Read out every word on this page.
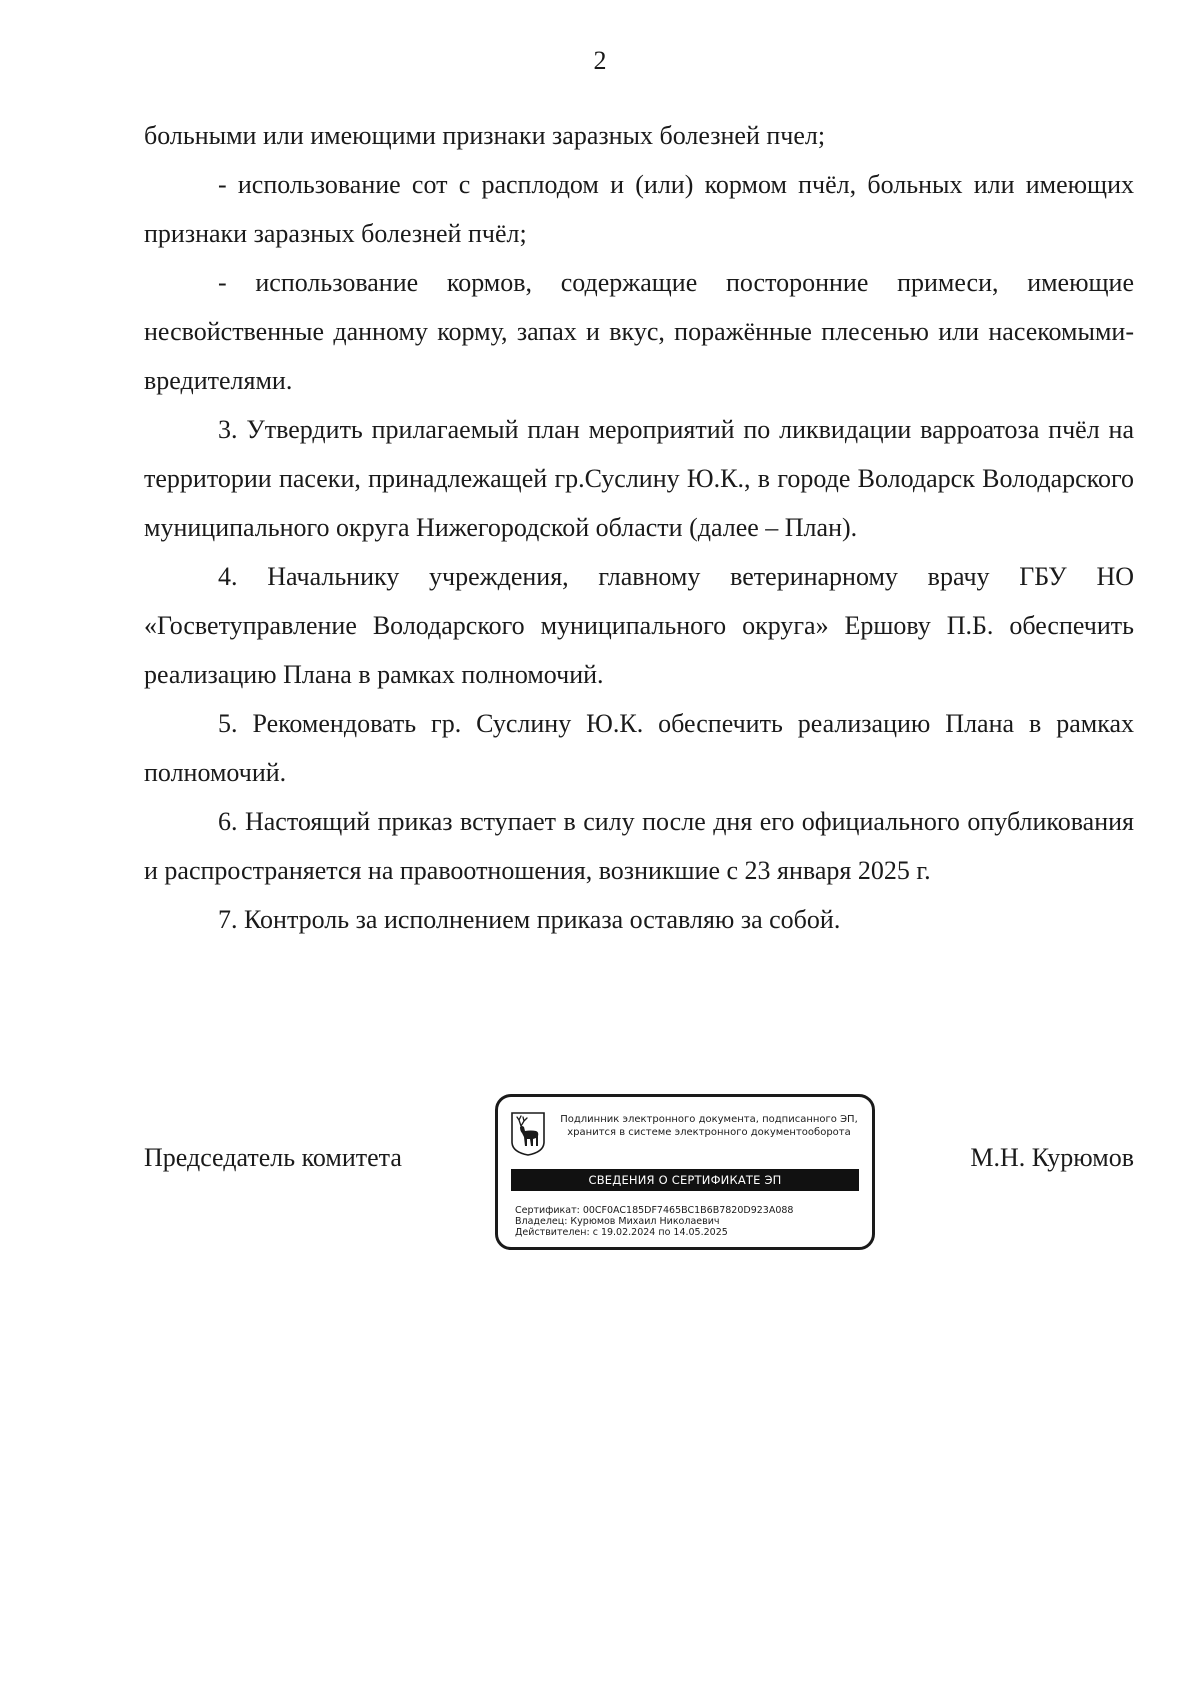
2

больными или имеющими признаки заразных болезней пчел;

- использование сот с расплодом и (или) кормом пчёл, больных или имеющих признаки заразных болезней пчёл;

- использование кормов, содержащие посторонние примеси, имеющие несвойственные данному корму, запах и вкус, поражённые плесенью или насекомыми-вредителями.

3. Утвердить прилагаемый план мероприятий по ликвидации варроатоза пчёл на территории пасеки, принадлежащей гр.Суслину Ю.К., в городе Володарск Володарского муниципального округа Нижегородской области (далее – План).

4. Начальнику учреждения, главному ветеринарному врачу ГБУ НО «Госветуправление Володарского муниципального округа» Ершову П.Б. обеспечить реализацию Плана в рамках полномочий.

5. Рекомендовать гр. Суслину Ю.К. обеспечить реализацию Плана в рамках полномочий.

6. Настоящий приказ вступает в силу после дня его официального опубликования и распространяется на правоотношения, возникшие с 23 января 2025 г.

7. Контроль за исполнением приказа оставляю за собой.

Председатель комитета	М.Н. Курюмов
Подлинник электронного документа, подписанного ЭП,
хранится в системе электронного документооборота
СВЕДЕНИЯ О СЕРТИФИКАТЕ ЭП
Сертификат: 00CF0AC185DF7465BC1B6B7820D923A088
Владелец: Курюмов Михаил Николаевич
Действителен: с 19.02.2024 по 14.05.2025
